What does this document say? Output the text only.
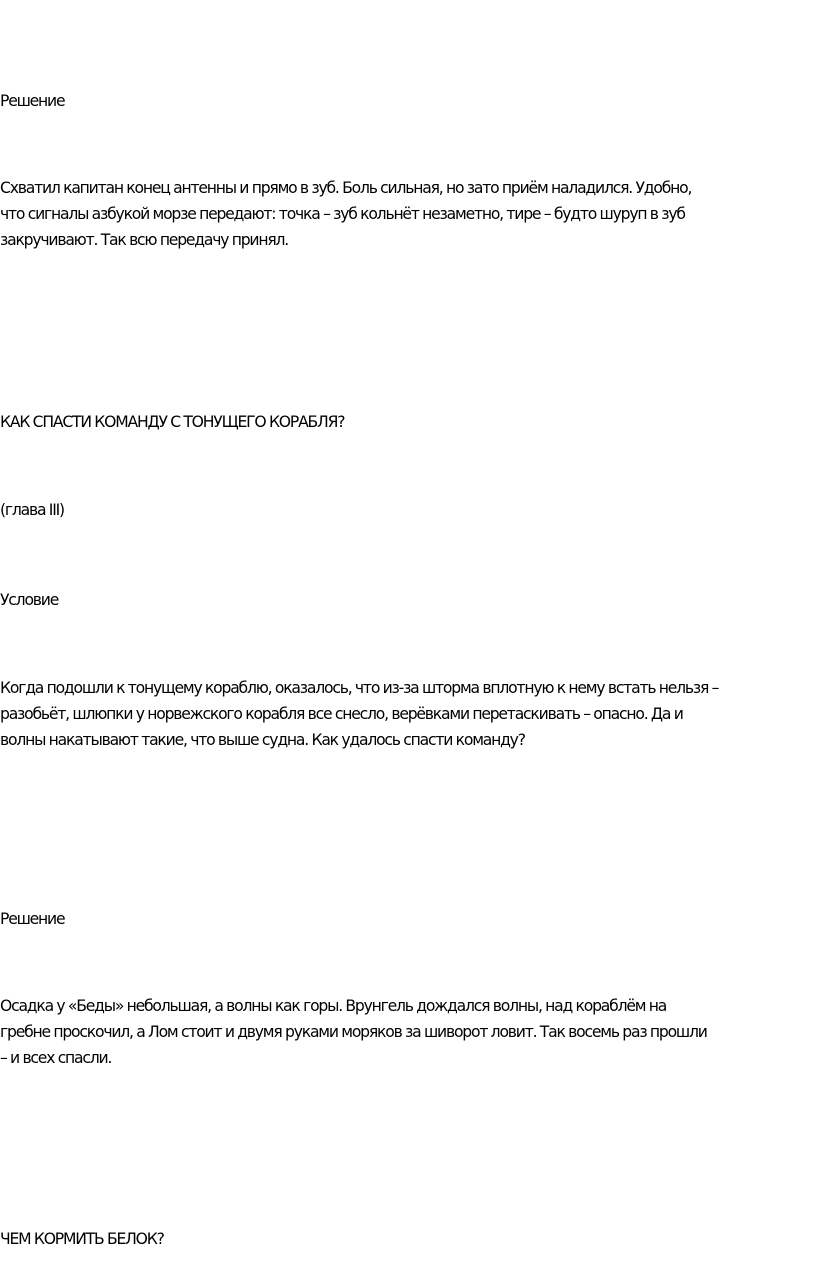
Решение

Схватил капитан конец антенны и прямо в зуб. Боль сильная, но зато приём наладился. Удобно,
что сигналы азбукой морзе передают: точка – зуб кольнёт незаметно, тире – будто шуруп в зуб
закручивают. Так всю передачу принял.

КАК СПАСТИ КОМАНДУ С ТОНУЩЕГО КОРАБЛЯ?

(глава III)

Условие

Когда подошли к тонущему кораблю, оказалось, что из-за шторма вплотную к нему встать нельзя –
разобьёт, шлюпки у норвежского корабля все снесло, верёвками перетаскивать – опасно. Да и
волны накатывают такие, что выше судна. Как удалось спасти команду?

Решение

Осадка у «Беды» небольшая, а волны как горы. Врунгель дождался волны, над кораблём на
гребне проскочил, а Лом стоит и двумя руками моряков за шиворот ловит. Так восемь раз прошли
– и всех спасли.

ЧЕМ КОРМИТЬ БЕЛОК?
